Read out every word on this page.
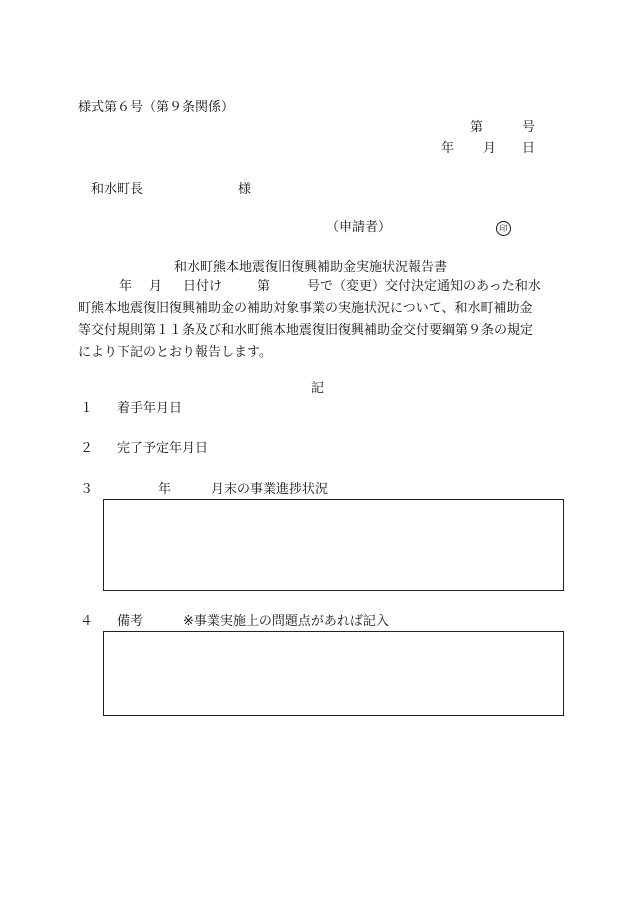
様式第６号（第９条関係）
第	号
年 月 日
和水町長	様
（申請者）	印
和水町熊本地震復旧復興補助金実施状況報告書
年 月 日付け	第	号で（変更）交付決定通知のあった和水
町熊本地震復旧復興補助金の補助対象事業の実施状況について、和水町補助金
等交付規則第１１条及び和水町熊本地震復旧復興補助金交付要綱第９条の規定
により下記のとおり報告します。
記
１ 着手年月日
２ 完了予定年月日
３	年	月末の事業進捗状況
４ 備考	※事業実施上の問題点があれば記入
